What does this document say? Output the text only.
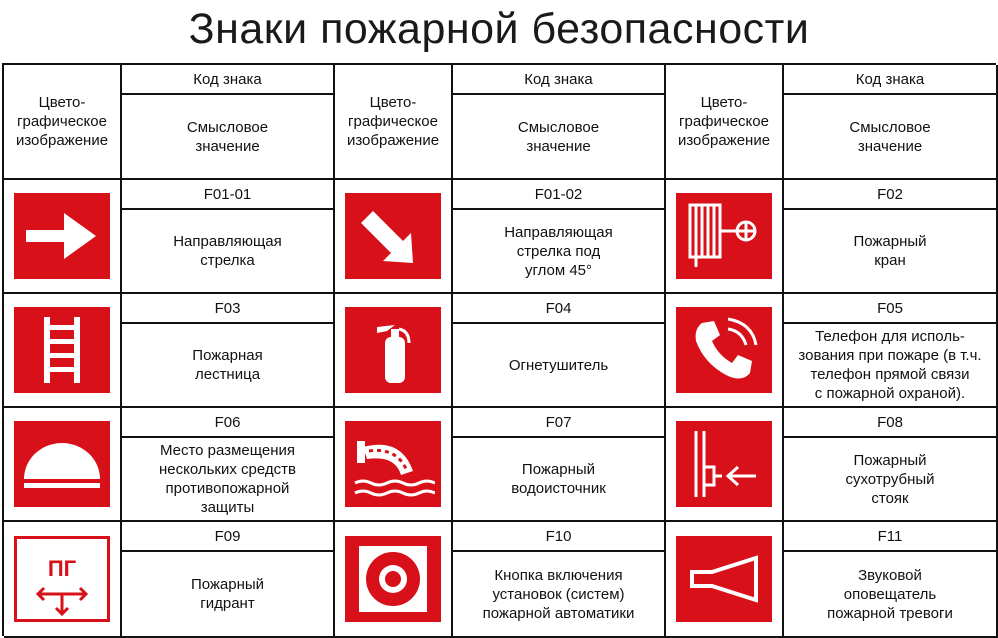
Знаки пожарной безопасности
Цвето-
графическое
изображение
Код знака
Смысловое
значение
Цвето-
графическое
изображение
Код знака
Смысловое
значение
Цвето-
графическое
изображение
Код знака
Смысловое
значение
F01-01
Направляющая
стрелка
F01-02
Направляющая
стрелка под
углом 45°
F02
Пожарный
кран
F03
Пожарная
лестница
F04
Огнетушитель
F05
Телефон для исполь-
зования при пожаре (в т.ч.
телефон прямой связи
с пожарной охраной).
F06
Место размещения
нескольких средств
противопожарной
защиты
F07
Пожарный
водоисточник
F08
Пожарный
сухотрубный
стояк
ПГ
F09
Пожарный
гидрант
F10
Кнопка включения
установок (систем)
пожарной автоматики
F11
Звуковой
оповещатель
пожарной тревоги
